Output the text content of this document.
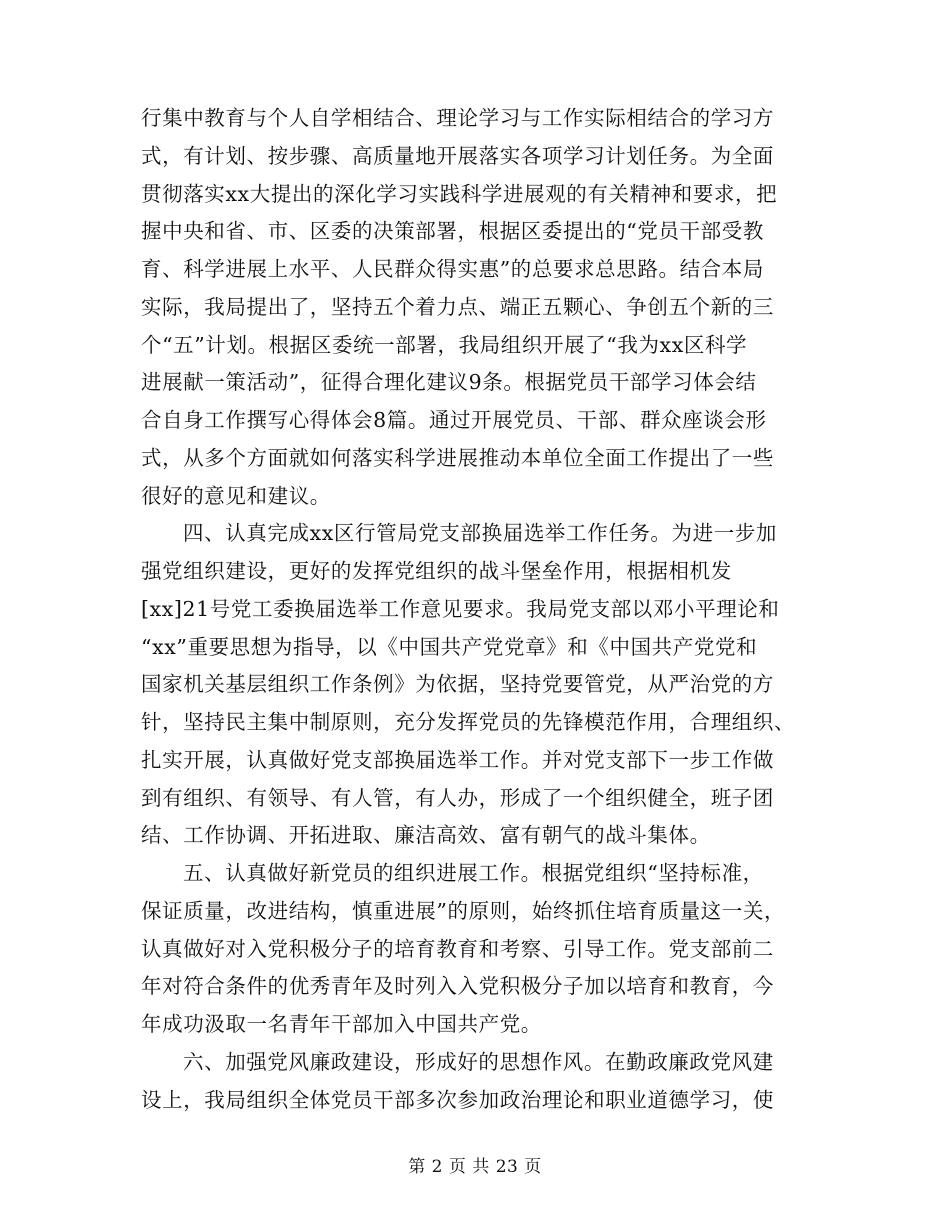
行集中教育与个人自学相结合、理论学习与工作实际相结合的学习方
式，有计划、按步骤、高质量地开展落实各项学习计划任务。为全面
贯彻落实xx大提出的深化学习实践科学进展观的有关精神和要求，把
握中央和省、市、区委的决策部署，根据区委提出的“党员干部受教
育、科学进展上水平、人民群众得实惠”的总要求总思路。结合本局
实际，我局提出了，坚持五个着力点、端正五颗心、争创五个新的三
个“五”计划。根据区委统一部署，我局组织开展了“我为xx区科学
进展献一策活动”，征得合理化建议9条。根据党员干部学习体会结
合自身工作撰写心得体会8篇。通过开展党员、干部、群众座谈会形
式，从多个方面就如何落实科学进展推动本单位全面工作提出了一些
很好的意见和建议。
四、认真完成xx区行管局党支部换届选举工作任务。为进一步加
强党组织建设，更好的发挥党组织的战斗堡垒作用，根据相机发
[xx]21号党工委换届选举工作意见要求。我局党支部以邓小平理论和
“xx”重要思想为指导，以《中国共产党党章》和《中国共产党党和
国家机关基层组织工作条例》为依据，坚持党要管党，从严治党的方
针，坚持民主集中制原则，充分发挥党员的先锋模范作用，合理组织、
扎实开展，认真做好党支部换届选举工作。并对党支部下一步工作做
到有组织、有领导、有人管，有人办，形成了一个组织健全，班子团
结、工作协调、开拓进取、廉洁高效、富有朝气的战斗集体。
五、认真做好新党员的组织进展工作。根据党组织“坚持标准，
保证质量，改进结构，慎重进展”的原则，始终抓住培育质量这一关，
认真做好对入党积极分子的培育教育和考察、引导工作。党支部前二
年对符合条件的优秀青年及时列入入党积极分子加以培育和教育，今
年成功汲取一名青年干部加入中国共产党。
六、加强党风廉政建设，形成好的思想作风。在勤政廉政党风建
设上，我局组织全体党员干部多次参加政治理论和职业道德学习，使
第 2 页 共 23 页
